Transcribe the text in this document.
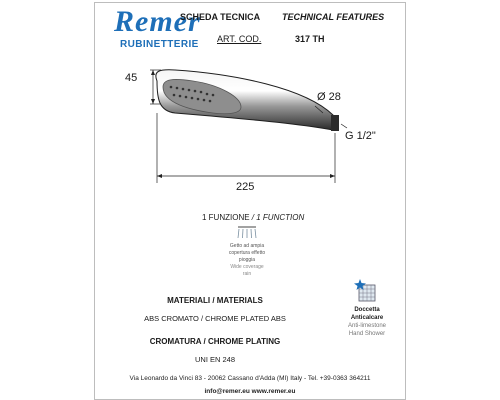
Remer
RUBINETTERIE
SCHEDA TECNICA TECHNICAL FEATURES
ART. COD.	317 TH
45
Ø 28
G 1/2"
225
1 FUNZIONE / 1 FUNCTION
Getto ad ampia
copertura effetto
pioggia
Wide coverage
rain
MATERIALI / MATERIALS
ABS CROMATO / CHROME PLATED ABS
CROMATURA / CHROME PLATING
UNI EN 248
Doccetta
Anticalcare
Anti-limestone
Hand Shower
Via Leonardo da Vinci 83 - 20062 Cassano d'Adda (MI) Italy - Tel. +39-0363 364211
info@remer.eu www.remer.eu
